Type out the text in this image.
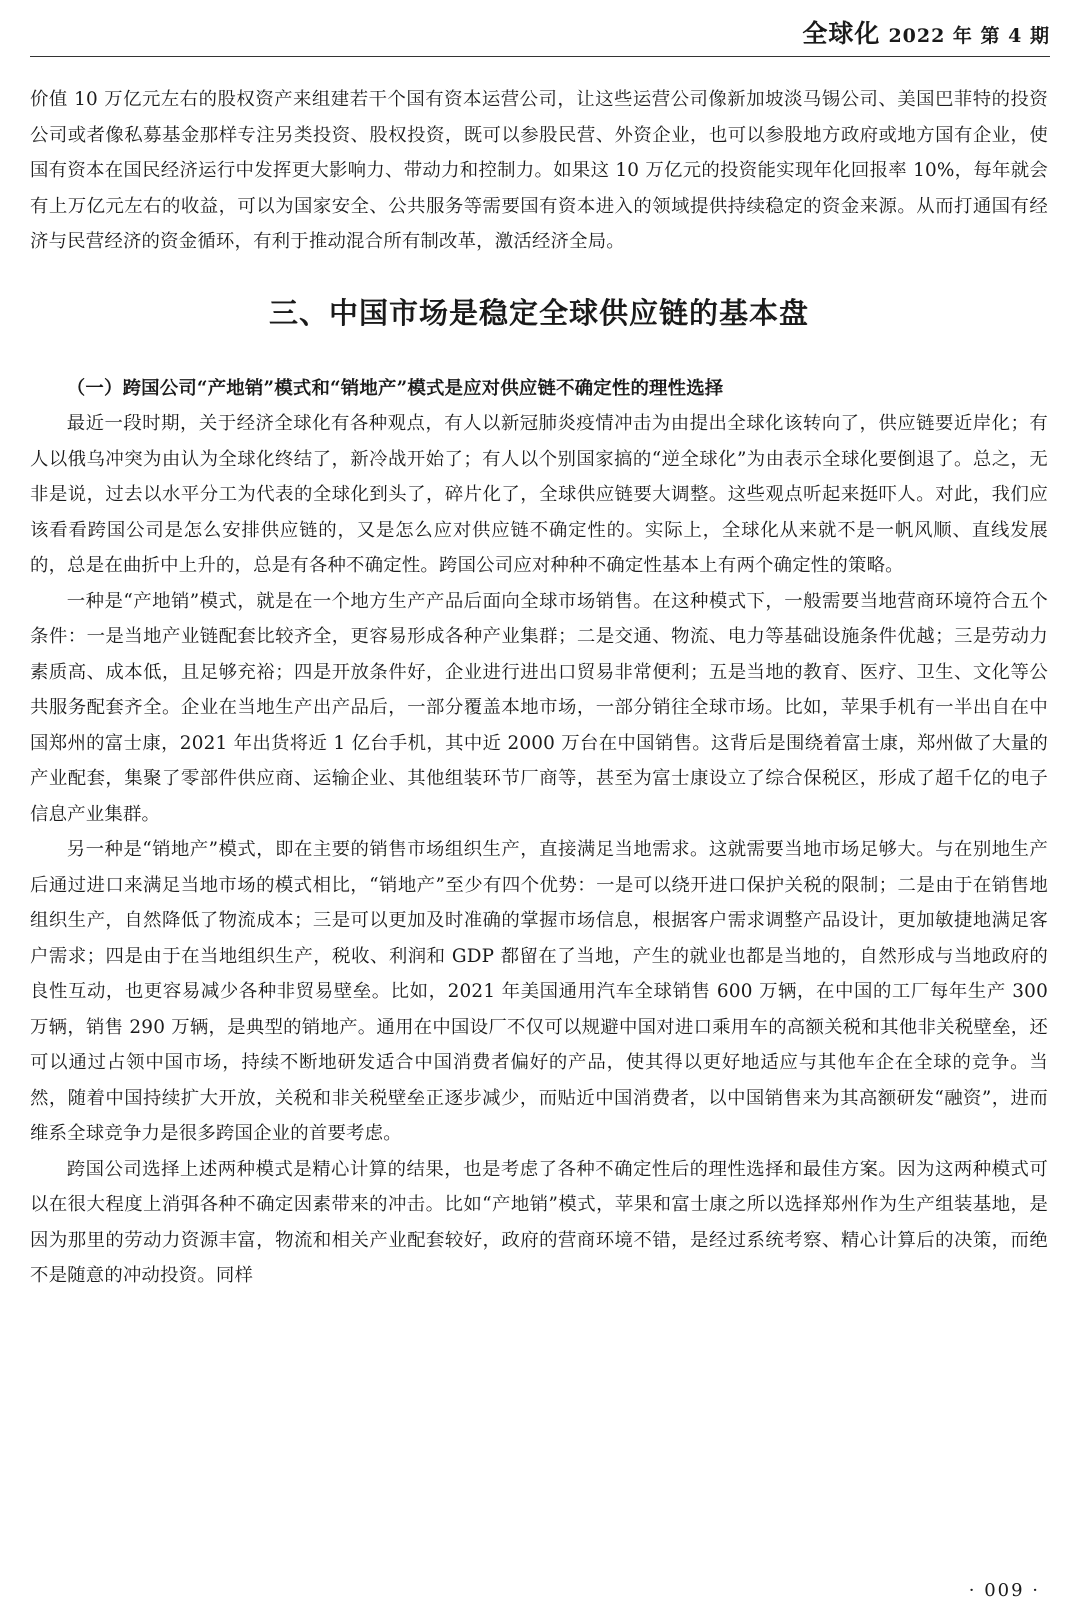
全球化 2022 年 第 4 期

价值 10 万亿元左右的股权资产来组建若干个国有资本运营公司，让这些运营公司像新加坡淡马锡公司、美国巴菲特的投资公司或者像私募基金那样专注另类投资、股权投资，既可以参股民营、外资企业，也可以参股地方政府或地方国有企业，使国有资本在国民经济运行中发挥更大影响力、带动力和控制力。如果这 10 万亿元的投资能实现年化回报率 10%，每年就会有上万亿元左右的收益，可以为国家安全、公共服务等需要国有资本进入的领域提供持续稳定的资金来源。从而打通国有经济与民营经济的资金循环，有利于推动混合所有制改革，激活经济全局。

三、中国市场是稳定全球供应链的基本盘
（一）跨国公司“产地销”模式和“销地产”模式是应对供应链不确定性的理性选择

最近一段时期，关于经济全球化有各种观点，有人以新冠肺炎疫情冲击为由提出全球化该转向了，供应链要近岸化；有人以俄乌冲突为由认为全球化终结了，新冷战开始了；有人以个别国家搞的“逆全球化”为由表示全球化要倒退了。总之，无非是说，过去以水平分工为代表的全球化到头了，碎片化了，全球供应链要大调整。这些观点听起来挺吓人。对此，我们应该看看跨国公司是怎么安排供应链的，又是怎么应对供应链不确定性的。实际上，全球化从来就不是一帆风顺、直线发展的，总是在曲折中上升的，总是有各种不确定性。跨国公司应对种种不确定性基本上有两个确定性的策略。

一种是“产地销”模式，就是在一个地方生产产品后面向全球市场销售。在这种模式下，一般需要当地营商环境符合五个条件：一是当地产业链配套比较齐全，更容易形成各种产业集群；二是交通、物流、电力等基础设施条件优越；三是劳动力素质高、成本低，且足够充裕；四是开放条件好，企业进行进出口贸易非常便利；五是当地的教育、医疗、卫生、文化等公共服务配套齐全。企业在当地生产出产品后，一部分覆盖本地市场，一部分销往全球市场。比如，苹果手机有一半出自在中国郑州的富士康，2021 年出货将近 1 亿台手机，其中近 2000 万台在中国销售。这背后是围绕着富士康，郑州做了大量的产业配套，集聚了零部件供应商、运输企业、其他组装环节厂商等，甚至为富士康设立了综合保税区，形成了超千亿的电子信息产业集群。

另一种是“销地产”模式，即在主要的销售市场组织生产，直接满足当地需求。这就需要当地市场足够大。与在别地生产后通过进口来满足当地市场的模式相比，“销地产”至少有四个优势：一是可以绕开进口保护关税的限制；二是由于在销售地组织生产，自然降低了物流成本；三是可以更加及时准确的掌握市场信息，根据客户需求调整产品设计，更加敏捷地满足客户需求；四是由于在当地组织生产，税收、利润和 GDP 都留在了当地，产生的就业也都是当地的，自然形成与当地政府的良性互动，也更容易减少各种非贸易壁垒。比如，2021 年美国通用汽车全球销售 600 万辆，在中国的工厂每年生产 300 万辆，销售 290 万辆，是典型的销地产。通用在中国设厂不仅可以规避中国对进口乘用车的高额关税和其他非关税壁垒，还可以通过占领中国市场，持续不断地研发适合中国消费者偏好的产品，使其得以更好地适应与其他车企在全球的竞争。当然，随着中国持续扩大开放，关税和非关税壁垒正逐步减少，而贴近中国消费者，以中国销售来为其高额研发“融资”，进而维系全球竞争力是很多跨国企业的首要考虑。

跨国公司选择上述两种模式是精心计算的结果，也是考虑了各种不确定性后的理性选择和最佳方案。因为这两种模式可以在很大程度上消弭各种不确定因素带来的冲击。比如“产地销”模式，苹果和富士康之所以选择郑州作为生产组装基地，是因为那里的劳动力资源丰富，物流和相关产业配套较好，政府的营商环境不错，是经过系统考察、精心计算后的决策，而绝不是随意的冲动投资。同样

· 009 ·
